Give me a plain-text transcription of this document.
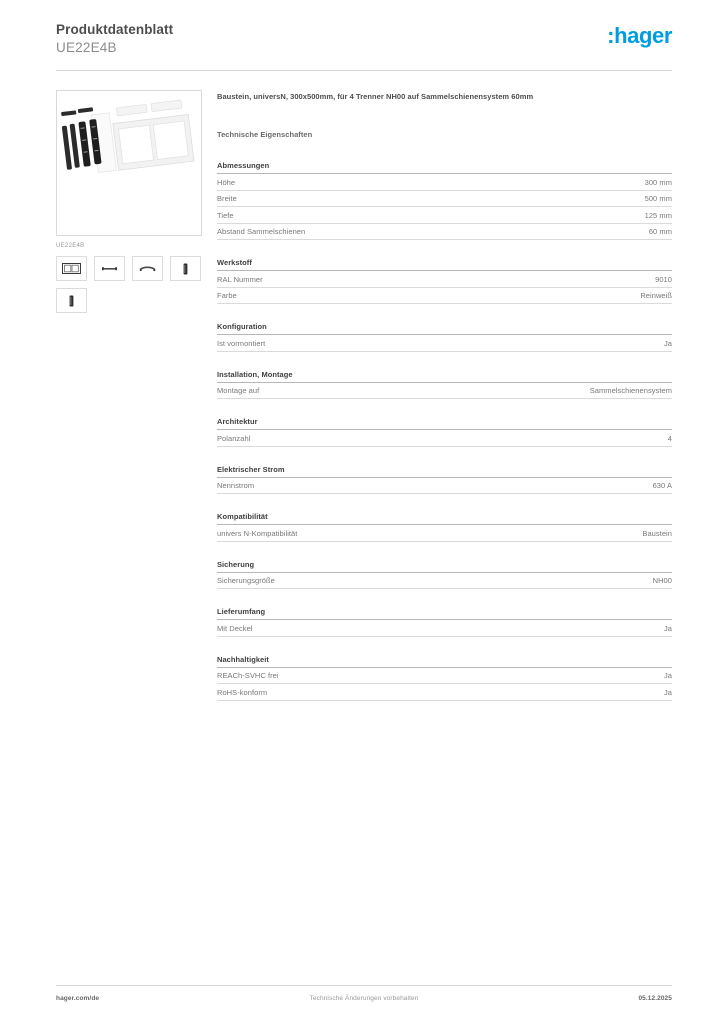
Produktdatenblatt
UE22E4B	:hager
UE22E4B
Baustein, universN, 300x500mm, für 4 Trenner NH00 auf Sammelschienensystem 60mm
Technische Eigenschaften
Abmessungen
Höhe	300 mm
Breite	500 mm
Tiefe	125 mm
Abstand Sammelschienen	60 mm
Werkstoff
RAL Nummer	9010
Farbe	Reinweiß
Konfiguration
Ist vormontiert	Ja
Installation, Montage
Montage auf	Sammelschienensystem
Architektur
Polanzahl	4
Elektrischer Strom
Nennstrom	630 A
Kompatibilität
univers N-Kompatibilität	Baustein
Sicherung
Sicherungsgröße	NH00
Lieferumfang
Mit Deckel	Ja
Nachhaltigkeit
REACh-SVHC frei	Ja
RoHS-konform	Ja
hager.com/de	Technische Änderungen vorbehalten	05.12.2025
